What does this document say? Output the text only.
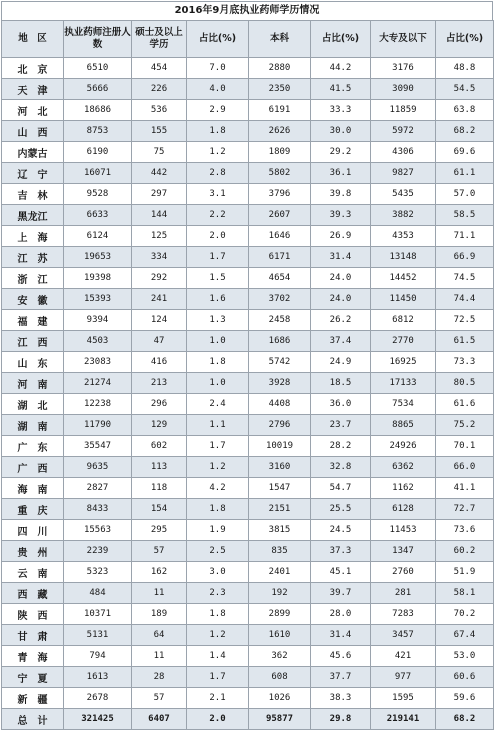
2016年9月底执业药师学历情况
地　区	执业药师注册人数	硕士及以上学历	占比(%)	本科	占比(%)	大专及以下	占比(%)
北　京	6510	454	7.0	2880	44.2	3176	48.8
天　津	5666	226	4.0	2350	41.5	3090	54.5
河　北	18686	536	2.9	6191	33.3	11859	63.8
山　西	8753	155	1.8	2626	30.0	5972	68.2
内蒙古	6190	75	1.2	1809	29.2	4306	69.6
辽　宁	16071	442	2.8	5802	36.1	9827	61.1
吉　林	9528	297	3.1	3796	39.8	5435	57.0
黑龙江	6633	144	2.2	2607	39.3	3882	58.5
上　海	6124	125	2.0	1646	26.9	4353	71.1
江　苏	19653	334	1.7	6171	31.4	13148	66.9
浙　江	19398	292	1.5	4654	24.0	14452	74.5
安　徽	15393	241	1.6	3702	24.0	11450	74.4
福　建	9394	124	1.3	2458	26.2	6812	72.5
江　西	4503	47	1.0	1686	37.4	2770	61.5
山　东	23083	416	1.8	5742	24.9	16925	73.3
河　南	21274	213	1.0	3928	18.5	17133	80.5
湖　北	12238	296	2.4	4408	36.0	7534	61.6
湖　南	11790	129	1.1	2796	23.7	8865	75.2
广　东	35547	602	1.7	10019	28.2	24926	70.1
广　西	9635	113	1.2	3160	32.8	6362	66.0
海　南	2827	118	4.2	1547	54.7	1162	41.1
重　庆	8433	154	1.8	2151	25.5	6128	72.7
四　川	15563	295	1.9	3815	24.5	11453	73.6
贵　州	2239	57	2.5	835	37.3	1347	60.2
云　南	5323	162	3.0	2401	45.1	2760	51.9
西　藏	484	11	2.3	192	39.7	281	58.1
陕　西	10371	189	1.8	2899	28.0	7283	70.2
甘　肃	5131	64	1.2	1610	31.4	3457	67.4
青　海	794	11	1.4	362	45.6	421	53.0
宁　夏	1613	28	1.7	608	37.7	977	60.6
新　疆	2678	57	2.1	1026	38.3	1595	59.6
总　计	321425	6407	2.0	95877	29.8	219141	68.2
